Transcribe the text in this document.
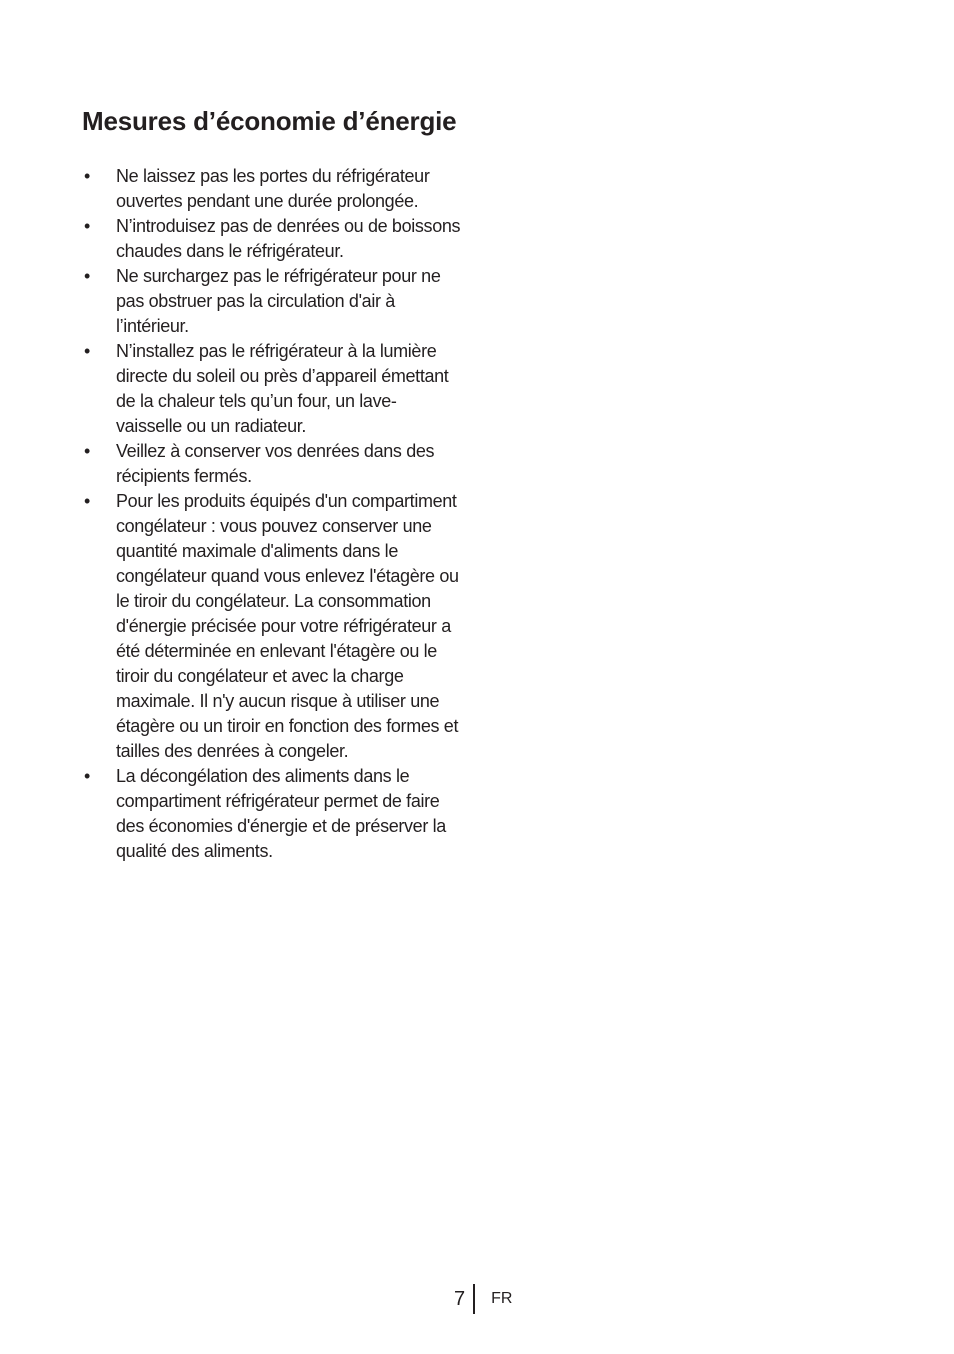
Mesures d’économie d’énergie
• Ne laissez pas les portes du réfrigérateur ouvertes pendant une durée prolongée.
• N’introduisez pas de denrées ou de boissons chaudes dans le réfrigérateur.
• Ne surchargez pas le réfrigérateur pour ne pas obstruer pas la circulation d'air à l’intérieur.
• N’installez pas le réfrigérateur à la lumière directe du soleil ou près d’appareil émettant de la chaleur tels qu’un four, un lave-vaisselle ou un radiateur.
• Veillez à conserver vos denrées dans des récipients fermés.
• Pour les produits équipés d'un compartiment congélateur : vous pouvez conserver une quantité maximale d'aliments dans le congélateur quand vous enlevez l'étagère ou le tiroir du congélateur. La consommation d'énergie précisée pour votre réfrigérateur a été déterminée en enlevant l'étagère ou le tiroir du congélateur et avec la charge maximale. Il n'y aucun risque à utiliser une étagère ou un tiroir en fonction des formes et tailles des denrées à congeler.
• La décongélation des aliments dans le compartiment réfrigérateur permet de faire des économies d'énergie et de préserver la qualité des aliments.
7	FR
